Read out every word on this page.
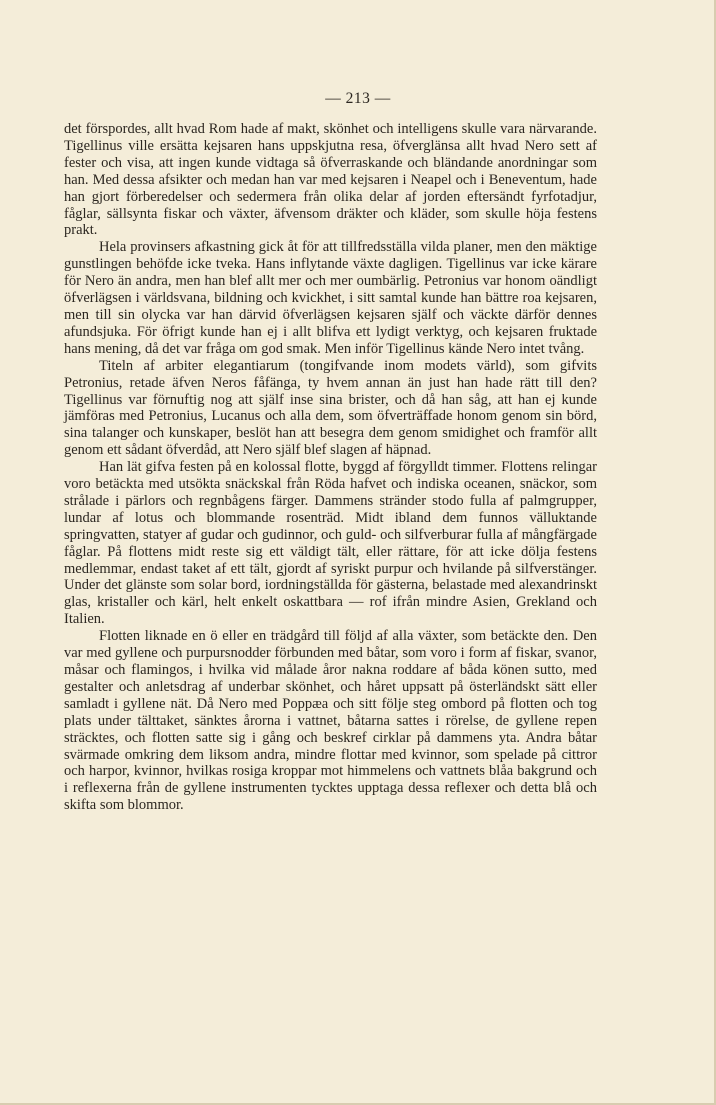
— 213 —

det förspordes, allt hvad Rom hade af makt, skönhet och intelligens skulle vara närvarande. Tigellinus ville ersätta kejsaren hans uppskjutna resa, öfverglänsa allt hvad Nero sett af fester och visa, att ingen kunde vidtaga så öfverraskande och bländande anordningar som han. Med dessa afsikter och medan han var med kejsaren i Neapel och i Beneventum, hade han gjort förberedelser och sedermera från olika delar af jorden eftersändt fyrfotadjur, fåglar, sällsynta fiskar och växter, äfvensom dräkter och kläder, som skulle höja festens prakt.

Hela provinsers afkastning gick åt för att tillfredsställa vilda planer, men den mäktige gunstlingen behöfde icke tveka. Hans inflytande växte dagligen. Tigellinus var icke kärare för Nero än andra, men han blef allt mer och mer oumbärlig. Petronius var honom oändligt öfverlägsen i världsvana, bildning och kvickhet, i sitt samtal kunde han bättre roa kejsaren, men till sin olycka var han därvid öfverlägsen kejsaren själf och väckte därför dennes afundsjuka. För öfrigt kunde han ej i allt blifva ett lydigt verktyg, och kejsaren fruktade hans mening, då det var fråga om god smak. Men inför Tigellinus kände Nero intet tvång.

Titeln af arbiter elegantiarum (tongifvande inom modets värld), som gifvits Petronius, retade äfven Neros fåfänga, ty hvem annan än just han hade rätt till den? Tigellinus var förnuftig nog att själf inse sina brister, och då han såg, att han ej kunde jämföras med Petronius, Lucanus och alla dem, som öfverträffade honom genom sin börd, sina talanger och kunskaper, beslöt han att besegra dem genom smidighet och framför allt genom ett sådant öfverdåd, att Nero själf blef slagen af häpnad.

Han lät gifva festen på en kolossal flotte, byggd af förgylldt timmer. Flottens relingar voro betäckta med utsökta snäckskal från Röda hafvet och indiska oceanen, snäckor, som strålade i pärlors och regnbågens färger. Dammens stränder stodo fulla af palmgrupper, lundar af lotus och blommande rosenträd. Midt ibland dem funnos välluktande springvatten, statyer af gudar och gudinnor, och guld- och silfverburar fulla af mångfärgade fåglar. På flottens midt reste sig ett väldigt tält, eller rättare, för att icke dölja festens medlemmar, endast taket af ett tält, gjordt af syriskt purpur och hvilande på silfverstänger. Under det glänste som solar bord, iordningställda för gästerna, belastade med alexandrinskt glas, kristaller och kärl, helt enkelt oskattbara — rof ifrån mindre Asien, Grekland och Italien.

Flotten liknade en ö eller en trädgård till följd af alla växter, som betäckte den. Den var med gyllene och purpursnodder förbunden med båtar, som voro i form af fiskar, svanor, måsar och flamingos, i hvilka vid målade åror nakna roddare af båda könen sutto, med gestalter och anletsdrag af underbar skönhet, och håret uppsatt på österländskt sätt eller samladt i gyllene nät. Då Nero med Poppæa och sitt följe steg ombord på flotten och tog plats under tälttaket, sänktes årorna i vattnet, båtarna sattes i rörelse, de gyllene repen sträcktes, och flotten satte sig i gång och beskref cirklar på dammens yta. Andra båtar svärmade omkring dem liksom andra, mindre flottar med kvinnor, som spelade på cittror och harpor, kvinnor, hvilkas rosiga kroppar mot himmelens och vattnets blåa bakgrund och i reflexerna från de gyllene instrumenten tycktes upptaga dessa reflexer och detta blå och skifta som blommor.
